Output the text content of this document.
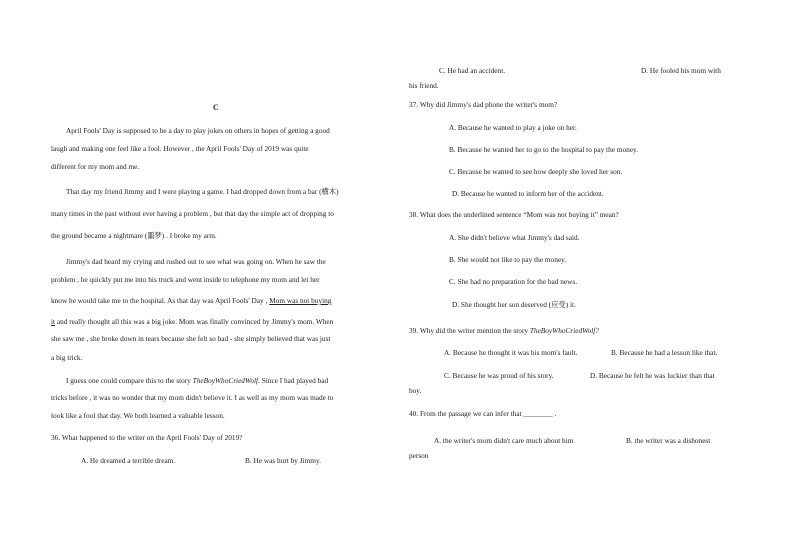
C
April Fools' Day is supposed to be a day to play jokes on others in hopes of getting a good
laugh and making one feel like a fool. However , the April Fools' Day of 2019 was quite
different for my mom and me.
That day my friend Jimmy and I were playing a game. I had dropped down from a bar (横木)
many times in the past without ever having a problem , but that day the simple act of dropping to
the ground became a nightmare (噩梦) . I broke my arm.
Jimmy's dad heard my crying and rushed out to see what was going on. When he saw the
problem , he quickly put me into his truck and went inside to telephone my mom and let her
know he would take me to the hospital. As that day was April Fools' Day , Mom was not buying
it and really thought all this was a big joke. Mom was finally convinced by Jimmy's mom. When
she saw me , she broke down in tears because she felt so bad - she simply believed that was just
a big trick.
I guess one could compare this to the story TheBoyWhoCriedWolf. Since I had played bad
tricks before , it was no wonder that my mom didn't believe it. I as well as my mom was made to
look like a fool that day. We both learned a valuable lesson.
36. What happened to the writer on the April Fools' Day of 2019?
A. He dreamed a terrible dream.	B. He was hurt by Jimmy.
C. He had an accident.	D. He fooled his mom with
his friend.
37. Why did Jimmy's dad phone the writer's mom?
A. Because he wanted to play a joke on her.
B. Because he wanted her to go to the hospital to pay the money.
C. Because he wanted to see how deeply she loved her son.
D. Because he wanted to inform her of the accident.
38. What does the underlined sentence “Mom was not buying it” mean?
A. She didn't believe what Jimmy's dad said.
B. She would not like to pay the money.
C. She had no preparation for the bad news.
D. She thought her son deserved (应受) it.
39. Why did the writer mention the story TheBoyWhoCriedWolf?
A. Because he thought it was his mom's fault.	B. Because he had a lesson like that.
C. Because he was proud of his story.	D. Because he felt he was luckier than that
boy.
40. From the passage we can infer that ________ .
A. the writer's mom didn't care much about him	B. the writer was a dishonest
person
